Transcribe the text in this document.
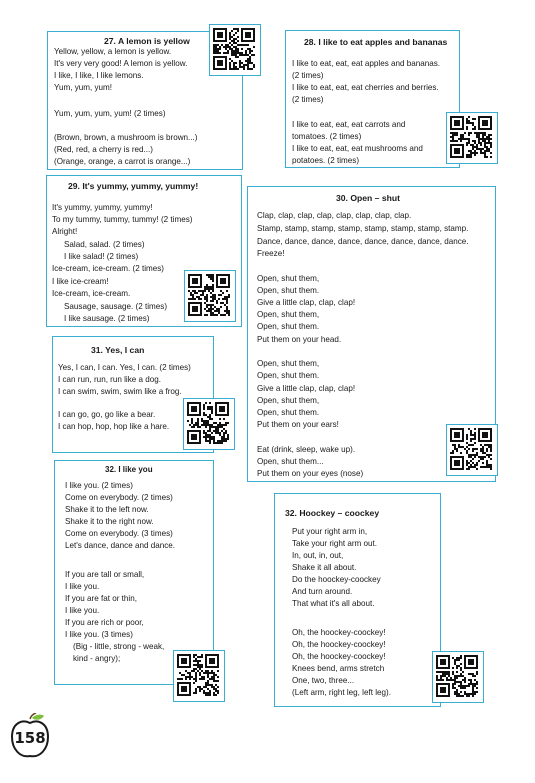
27. A lemon is yellow
Yellow, yellow, a lemon is yellow.
It's very very good! A lemon is yellow.
I like, I like, I like lemons.
Yum, yum, yum!
Yum, yum, yum, yum! (2 times)
(Brown, brown, a mushroom is brown...)
(Red, red, a cherry is red...)
(Orange, orange, a carrot is orange...)
28. I like to eat apples and bananas
I like to eat, eat, eat apples and bananas.
(2 times)
I like to eat, eat, eat cherries and berries.
(2 times)
I like to eat, eat, eat carrots and
tomatoes. (2 times)
I like to eat, eat, eat mushrooms and
potatoes. (2 times)
29. It's yummy, yummy, yummy!
It's yummy, yummy, yummy!
To my tummy, tummy, tummy! (2 times)
Alright!
Salad, salad. (2 times)
I like salad! (2 times)
Ice-cream, ice-cream. (2 times)
I like ice-cream!
Ice-cream, ice-cream.
Sausage, sausage. (2 times)
I like sausage. (2 times)
30. Open – shut
Clap, clap, clap, clap, clap, clap, clap, clap.
Stamp, stamp, stamp, stamp, stamp, stamp, stamp, stamp.
Dance, dance, dance, dance, dance, dance, dance, dance.
Freeze!
Open, shut them,
Open, shut them.
Give a little clap, clap, clap!
Open, shut them,
Open, shut them.
Put them on your head.
Open, shut them,
Open, shut them.
Give a little clap, clap, clap!
Open, shut them,
Open, shut them.
Put them on your ears!
Eat (drink, sleep, wake up).
Open, shut them...
Put them on your eyes (nose)
31. Yes, I can
Yes, I can, I can. Yes, I can. (2 times)
I can run, run, run like a dog.
I can swim, swim, swim like a frog.
I can go, go, go like a bear.
I can hop, hop, hop like a hare.
32. I like you
I like you. (2 times)
Come on everybody. (2 times)
Shake it to the left now.
Shake it to the right now.
Come on everybody. (3 times)
Let's dance, dance and dance.
If you are tall or small,
I like you.
If you are fat or thin,
I like you.
If you are rich or poor,
I like you. (3 times)
(Big - little, strong - weak,
kind - angry);
32. Hoockey – coockey
Put your right arm in,
Take your right arm out.
In, out, in, out,
Shake it all about.
Do the hoockey-coockey
And turn around.
That what it's all about.
Oh, the hoockey-coockey!
Oh, the hoockey-coockey!
Oh, the hoockey-coockey!
Knees bend, arms stretch
One, two, three...
(Left arm, right leg, left leg).
158
